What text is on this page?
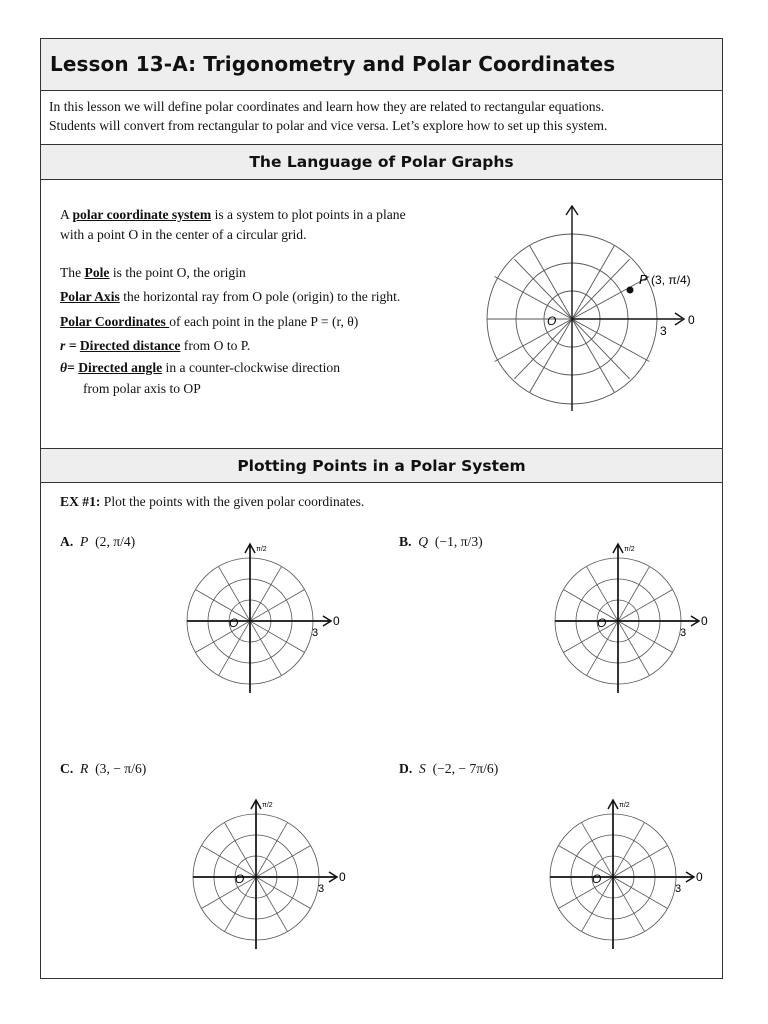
Lesson 13-A: Trigonometry and Polar Coordinates
In this lesson we will define polar coordinates and learn how they are related to rectangular equations.
Students will convert from rectangular to polar and vice versa. Let’s explore how to set up this system.
The Language of Polar Graphs
A polar coordinate system is a system to plot points in a plane
with a point O in the center of a circular grid.
The Pole is the point O, the origin
Polar Axis the horizontal ray from O pole (origin) to the right.
Polar Coordinates of each point in the plane P = (r, θ)
r = Directed distance from O to P.
θ= Directed angle in a counter-clockwise direction
from polar axis to OP
O
3
0
P (3, π/4)
Plotting Points in a Polar System
EX #1: Plot the points with the given polar coordinates.
A. P (2, π/4)	B. Q (−1, π/3)
C. R (3, − π/6)	D. S (−2, − 7π/6)
π/2
O
3
0
π/2
O
3
0
π/2
O
3
0
π/2
O
3
0
